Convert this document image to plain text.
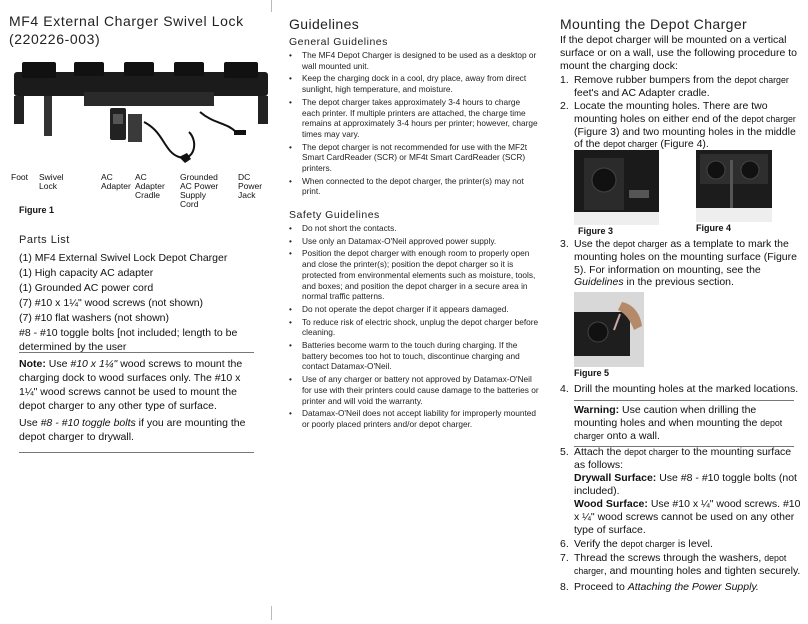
MF4 External Charger Swivel Lock
(220226-003)
Foot Swivel
Lock
AC
Adapter
AC
Adapter
Cradle
Grounded
AC Power
Supply
Cord
DC
Power
Jack
Figure 1
Parts List
(1) MF4 External Swivel Lock Depot Charger
(1) High capacity AC adapter
(1) Grounded AC power cord
(7) #10 x 1¼" wood screws (not shown)
(7) #10 flat washers (not shown)
#8 - #10 toggle bolts [not included; length to be determined by the user

Note: Use #10 x 1¼" wood screws to mount the charging dock to wood surfaces only. The #10 x 1¼" wood screws cannot be used to mount the depot charger to any other type of surface.

Use #8 - #10 toggle bolts if you are mounting the depot charger to drywall.

Guidelines
General Guidelines
• The MF4 Depot Charger is designed to be used as a desktop or wall mounted unit.
• Keep the charging dock in a cool, dry place, away from direct sunlight, high temperature, and moisture.
• The depot charger takes approximately 3-4 hours to charge each printer. If multiple printers are attached, the charge time remains at approximately 3-4 hours per printer; however, charge times may vary.
• The depot charger is not recommended for use with the MF2t Smart CardReader (SCR) or MF4t Smart CardReader (SCR) printers.
• When connected to the depot charger, the printer(s) may not print.
Safety Guidelines
• Do not short the contacts.
• Use only an Datamax-O'Neil approved power supply.
• Position the depot charger with enough room to properly open and close the printer(s); position the depot charger so it is protected from environmental elements such as moisture, tools, and boxes; and position the depot charger in a secure area in normal traffic patterns.
• Do not operate the depot charger if it appears damaged.
• To reduce risk of electric shock, unplug the depot charger before cleaning.
• Batteries become warm to the touch during charging. If the battery becomes too hot to touch, discontinue charging and contact Datamax-O'Neil.
• Use of any charger or battery not approved by Datamax-O'Neil for use with their printers could cause damage to the batteries or printer and will void the warranty.
• Datamax-O'Neil does not accept liability for improperly mounted or poorly placed printers and/or depot charger.
Mounting the Depot Charger
If the depot charger will be mounted on a vertical surface or on a wall, use the following procedure to mount the charging dock:
1. Remove rubber bumpers from the depot charger feet's and AC Adapter cradle.
2. Locate the mounting holes. There are two mounting holes on either end of the depot charger (Figure 3) and two mounting holes in the middle of the depot charger (Figure 4).
Figure 3	Figure 4
3. Use the depot charger as a template to mark the mounting holes on the mounting surface (Figure 5). For information on mounting, see the Guidelines in the previous section.
Figure 5
4. Drill the mounting holes at the marked locations.
Warning: Use caution when drilling the mounting holes and when mounting the depot charger onto a wall.
5. Attach the depot charger to the mounting surface as follows:
Drywall Surface: Use #8 - #10 toggle bolts (not included).
Wood Surface: Use #10 x ¼" wood screws. #10 x ¼" wood screws cannot be used on any other type of surface.
6. Verify the depot charger is level.
7. Thread the screws through the washers, depot charger, and mounting holes and tighten securely.
8. Proceed to Attaching the Power Supply.
